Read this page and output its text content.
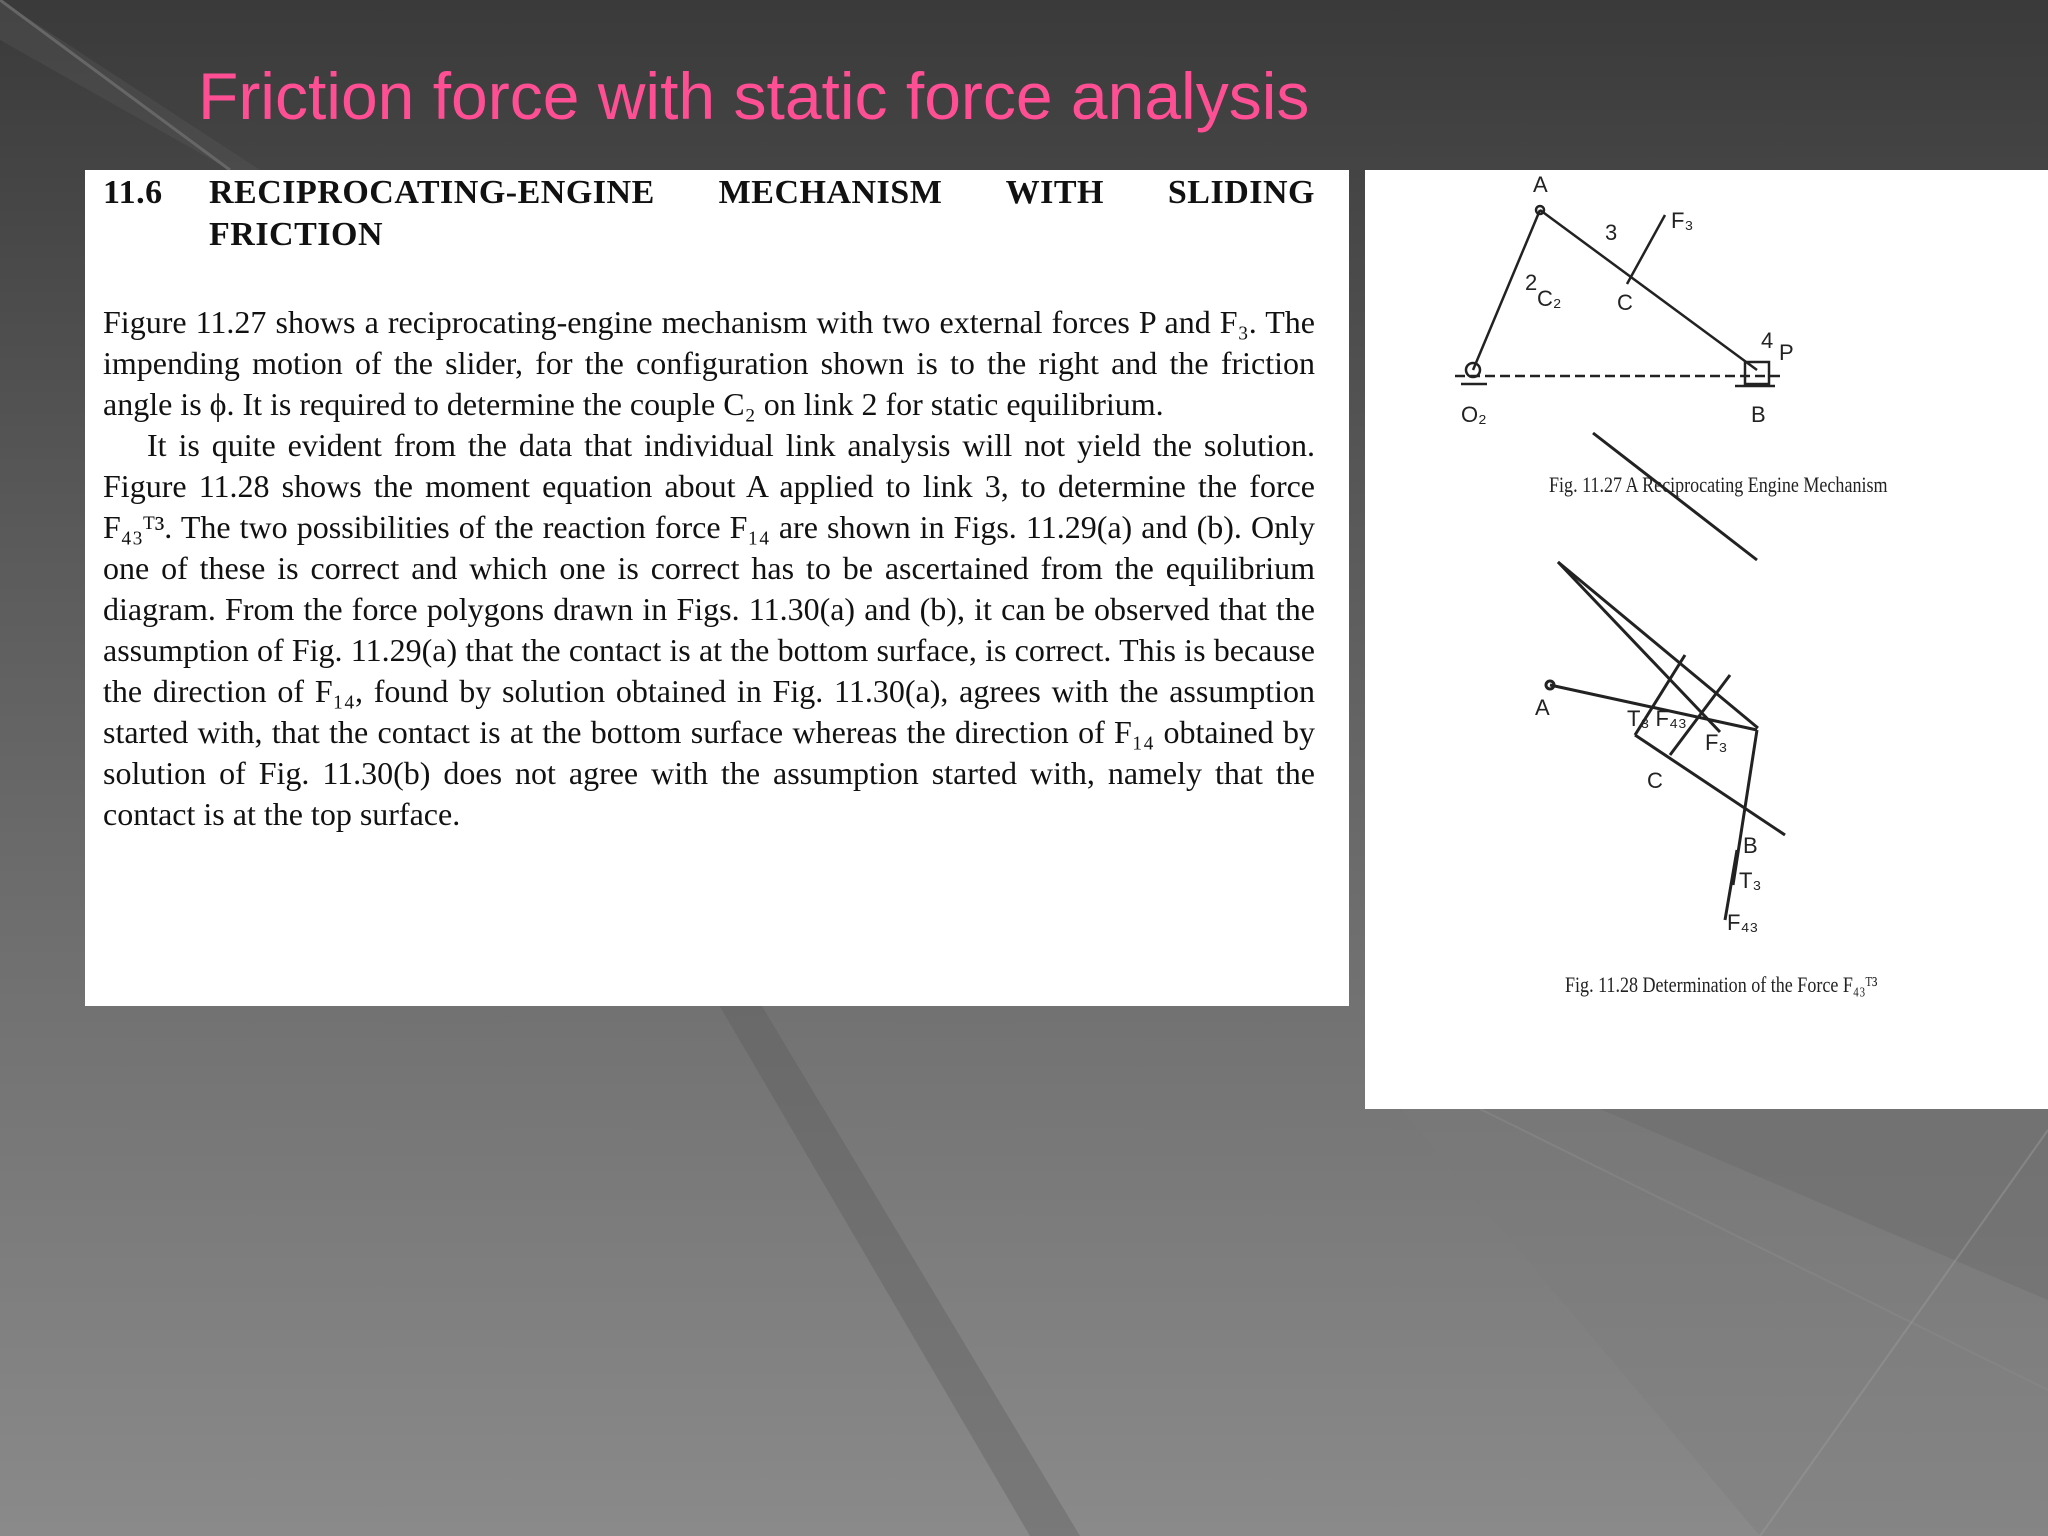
Friction force with static force analysis
11.6	RECIPROCATING-ENGINE MECHANISM WITH SLIDING FRICTION

Figure 11.27 shows a reciprocating-engine mechanism with two external forces P and F₃. The impending motion of the slider, for the configuration shown is to the right and the friction angle is ϕ. It is required to determine the couple C₂ on link 2 for static equilibrium.

It is quite evident from the data that individual link analysis will not yield the solution. Figure 11.28 shows the moment equation about A applied to link 3, to determine the force F₄₃ᵀ³. The two possibilities of the reaction force F₁₄ are shown in Figs. 11.29(a) and (b). Only one of these is correct and which one is correct has to be ascertained from the equilibrium diagram. From the force polygons drawn in Figs. 11.30(a) and (b), it can be observed that the assumption of Fig. 11.29(a) that the contact is at the bottom surface, is correct. This is because the direction of F₁₄, found by solution obtained in Fig. 11.30(a), agrees with the assumption started with, that the contact is at the bottom surface whereas the direction of F₁₄ obtained by solution of Fig. 11.30(b) does not agree with the assumption started with, namely that the contact is at the top surface.

A
2
C₂
3 F₃
C
4 P
O₂	B
A	T₃ F₄₃
F₃
C
B
T₃
F₄₃
Fig. 11.27 A Reciprocating Engine Mechanism
Fig. 11.28 Determination of the Force F₄₃ᵀ³
